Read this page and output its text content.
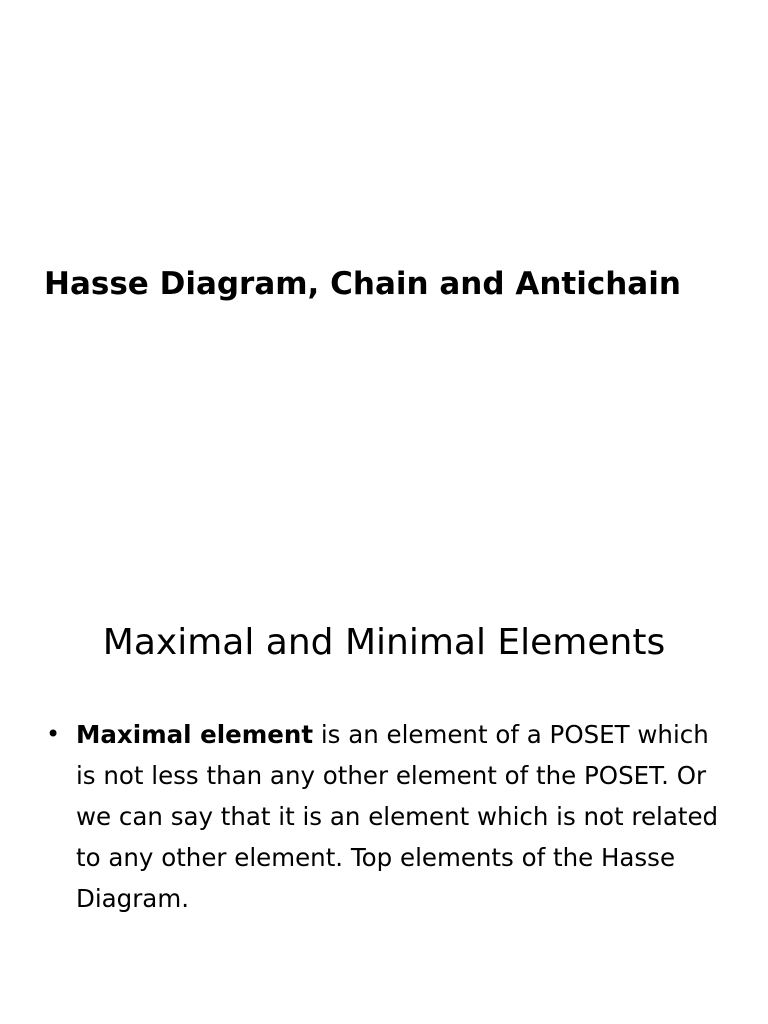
Hasse Diagram, Chain and Antichain
Maximal and Minimal Elements
• Maximal element is an element of a POSET which is not less than any other element of the POSET. Or we can say that it is an element which is not related to any other element. Top elements of the Hasse Diagram.
